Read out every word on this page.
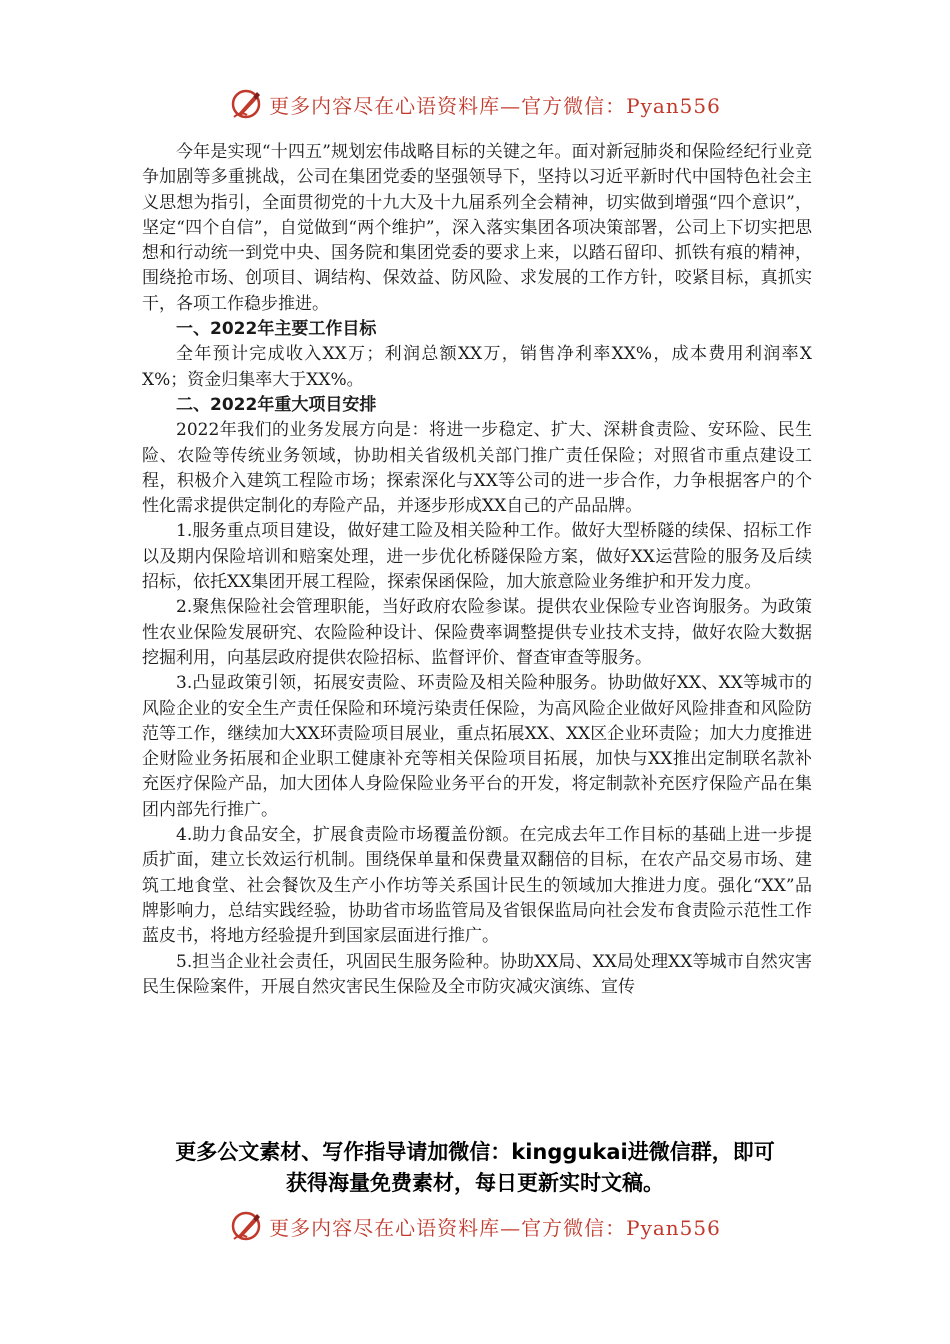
更多内容尽在心语资料库—官方微信：Pyan556

今年是实现“十四五”规划宏伟战略目标的关键之年。面对新冠肺炎和保险经纪行业竞争加剧等多重挑战，公司在集团党委的坚强领导下，坚持以习近平新时代中国特色社会主义思想为指引，全面贯彻党的十九大及十九届系列全会精神，切实做到增强“四个意识”，坚定“四个自信”，自觉做到“两个维护”，深入落实集团各项决策部署，公司上下切实把思想和行动统一到党中央、国务院和集团党委的要求上来，以踏石留印、抓铁有痕的精神，围绕抢市场、创项目、调结构、保效益、防风险、求发展的工作方针，咬紧目标，真抓实干，各项工作稳步推进。

一、2022年主要工作目标

全年预计完成收入XX万；利润总额XX万，销售净利率XX%，成本费用利润率XX%；资金归集率大于XX%。

二、2022年重大项目安排

2022年我们的业务发展方向是：将进一步稳定、扩大、深耕食责险、安环险、民生险、农险等传统业务领域，协助相关省级机关部门推广责任保险；对照省市重点建设工程，积极介入建筑工程险市场；探索深化与XX等公司的进一步合作，力争根据客户的个性化需求提供定制化的寿险产品，并逐步形成XX自己的产品品牌。

1.服务重点项目建设，做好建工险及相关险种工作。做好大型桥隧的续保、招标工作以及期内保险培训和赔案处理，进一步优化桥隧保险方案，做好XX运营险的服务及后续招标，依托XX集团开展工程险，探索保函保险，加大旅意险业务维护和开发力度。

2.聚焦保险社会管理职能，当好政府农险参谋。提供农业保险专业咨询服务。为政策性农业保险发展研究、农险险种设计、保险费率调整提供专业技术支持，做好农险大数据挖掘利用，向基层政府提供农险招标、监督评价、督查审查等服务。

3.凸显政策引领，拓展安责险、环责险及相关险种服务。协助做好XX、XX等城市的风险企业的安全生产责任保险和环境污染责任保险，为高风险企业做好风险排查和风险防范等工作，继续加大XX环责险项目展业，重点拓展XX、XX区企业环责险；加大力度推进企财险业务拓展和企业职工健康补充等相关保险项目拓展，加快与XX推出定制联名款补充医疗保险产品，加大团体人身险保险业务平台的开发，将定制款补充医疗保险产品在集团内部先行推广。

4.助力食品安全，扩展食责险市场覆盖份额。在完成去年工作目标的基础上进一步提质扩面，建立长效运行机制。围绕保单量和保费量双翻倍的目标，在农产品交易市场、建筑工地食堂、社会餐饮及生产小作坊等关系国计民生的领域加大推进力度。强化“XX”品牌影响力，总结实践经验，协助省市场监管局及省银保监局向社会发布食责险示范性工作蓝皮书，将地方经验提升到国家层面进行推广。

5.担当企业社会责任，巩固民生服务险种。协助XX局、XX局处理XX等城市自然灾害民生保险案件，开展自然灾害民生保险及全市防灾减灾演练、宣传

更多公文素材、写作指导请加微信：kinggukai进微信群，即可
获得海量免费素材，每日更新实时文稿。
更多内容尽在心语资料库—官方微信：Pyan556
